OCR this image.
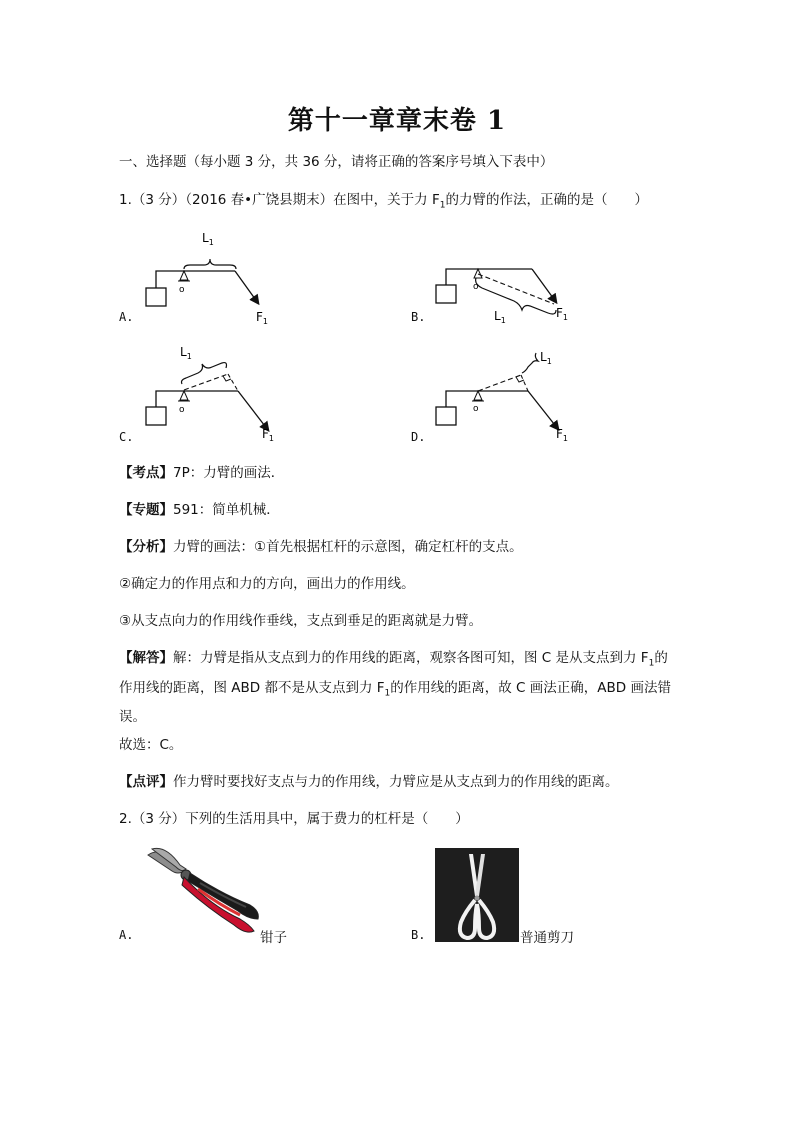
第十一章章末卷 1
一、选择题（每小题 3 分，共 36 分，请将正确的答案序号填入下表中）
1.（3 分）（2016 春•广饶县期末）在图中，关于力 $F_1$的力臂的作法，正确的是（　　）
A.
o
$L_1$
$F_1$	B.
o
$L_1$
$F_1$
C.
o
$L_1$
$F_1$	D.
o
$L_1$
$F_1$
【考点】7P：力臂的画法．
【专题】591：简单机械．
【分析】力臂的画法：①首先根据杠杆的示意图，确定杠杆的支点。
②确定力的作用点和力的方向，画出力的作用线。
③从支点向力的作用线作垂线，支点到垂足的距离就是力臂。
【解答】解：力臂是指从支点到力的作用线的距离，观察各图可知，图 C 是从支点到力 $F_1$的作用线的距离，图 ABD 都不是从支点到力 $F_1$的作用线的距离，故 C 画法正确，ABD 画法错误。
故选：C。
【点评】作力臂时要找好支点与力的作用线，力臂应是从支点到力的作用线的距离。
2.（3 分）下列的生活用具中，属于费力的杠杆是（　　）
A.	钳子	B.	普通剪刀
